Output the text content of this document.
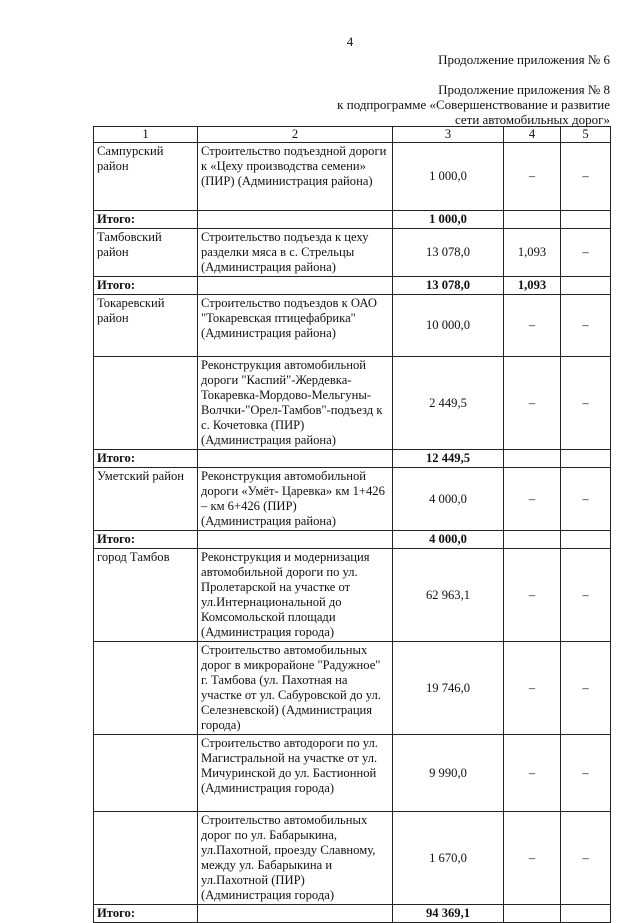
4
Продолжение приложения № 6
Продолжение приложения № 8
к подпрограмме «Совершенствование и развитие
сети автомобильных дорог»
1	2	3	4	5
Сампурский район	Строительство подъездной дороги к «Цеху производства семени» (ПИР) (Администрация района)	1 000,0	–	–
Итого:		1 000,0		
Тамбовский район	Строительство подъезда к цеху разделки мяса в с. Стрельцы (Администрация района)	13 078,0	1,093	–
Итого:		13 078,0	1,093	
Токаревский район	Строительство подъездов к ОАО "Токаревская птицефабрика" (Администрация района)	10 000,0	–	–
	Реконструкция автомобильной дороги "Каспий"-Жердевка-Токаревка-Мордово-Мельгуны-Волчки-"Орел-Тамбов"-подъезд к с. Кочетовка (ПИР) (Администрация района)	2 449,5	–	–
Итого:		12 449,5		
Уметский район	Реконструкция автомобильной дороги «Умёт- Царевка» км 1+426 – км 6+426 (ПИР) (Администрация района)	4 000,0	–	–
Итого:		4 000,0		
город Тамбов	Реконструкция и модернизация автомобильной дороги по ул. Пролетарской на участке от ул.Интернациональной до Комсомольской площади (Администрация города)	62 963,1	–	–
	Строительство автомобильных дорог в микрорайоне "Радужное" г. Тамбова (ул. Пахотная на участке от ул. Сабуровской до ул. Селезневской) (Администрация города)	19 746,0	–	–
	Строительство автодороги по ул. Магистральной на участке от ул. Мичуринской до ул. Бастионной (Администрация города)	9 990,0	–	–
	Строительство автомобильных дорог по ул. Бабарыкина, ул.Пахотной, проезду Славному, между ул. Бабарыкина и ул.Пахотной (ПИР) (Администрация города)	1 670,0	–	–
Итого:		94 369,1		
